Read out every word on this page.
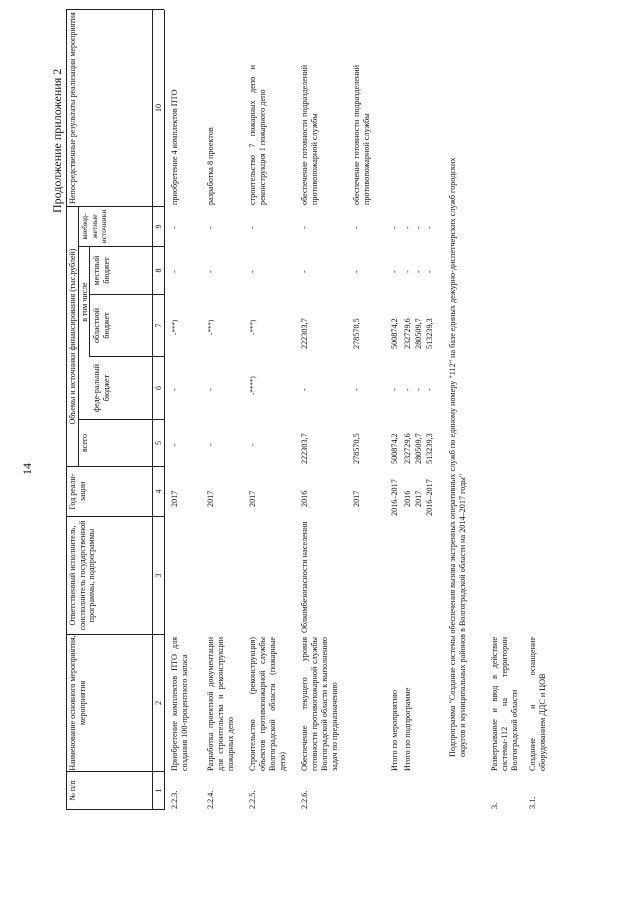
14
Продолжение приложения 2
№ п/п
Наименование основного мероприятия, мероприятия
Ответственный исполнитель, соисполнитель государственной программы, подпрограммы
Год реали-зации
Объемы и источники финансирования (тыс.рублей)
всего
в том числе
феде-ральный бюджет
областной бюджет
местный бюджет
внебюд-жетные источники
Непосредственные результаты реализации мероприятия
1
2
3
4
5
6
7
8
9
10
2.2.3.
Приобретение комплектов ПТО для создания 100-процентного запаса
2017
-
-
-***)
-
-
приобретение 4 комплектов ПТО
2.2.4.
Разработка проектной документации для строительства и реконструкции пожарных депо
2017
-
-
-***)
-
-
разработка 8 проектов
2.2.5.
Строительство (реконструкция) объектов противопожарной службы Волгоградской области (пожарные депо)
2017
-
-****)
-***)
-
-
строительство 7 пожарных депо и реконструкция 1 пожарного депо
2.2.6.
Обеспечение текущего уровня готовности противопожарной службы Волгоградской области к выполнению задач по предназначению
Облкомбезопасности населения
2016
222303,7
-
222303,7
-
-
обеспечение готовности подразделений противопожарной службы
2017
278570,5
-
278570,5
-
-
обеспечение готовности подразделений противопожарной службы
Итого по мероприятию
2016–2017
500874,2
-
500874,2
-
-
Итого по подпрограмме
2016
232729,6
-
232729,6
-
-
2017
280509,7
-
280509,7
-
-
2016–2017
513239,3
-
513239,3
-
- Подпрограмма "Создание системы обеспечения вызова экстренных оперативных служб по единому номеру "112" на базе единых дежурно-диспетчерских служб городских округов и муниципальных районов в Волгоградской области на 2014–2017 годы"
3.
Развертывание и ввод в действие системы-112 на территории Волгоградской области
3.1.
Создание и оснащение оборудованием ДДС и ЦОВ
